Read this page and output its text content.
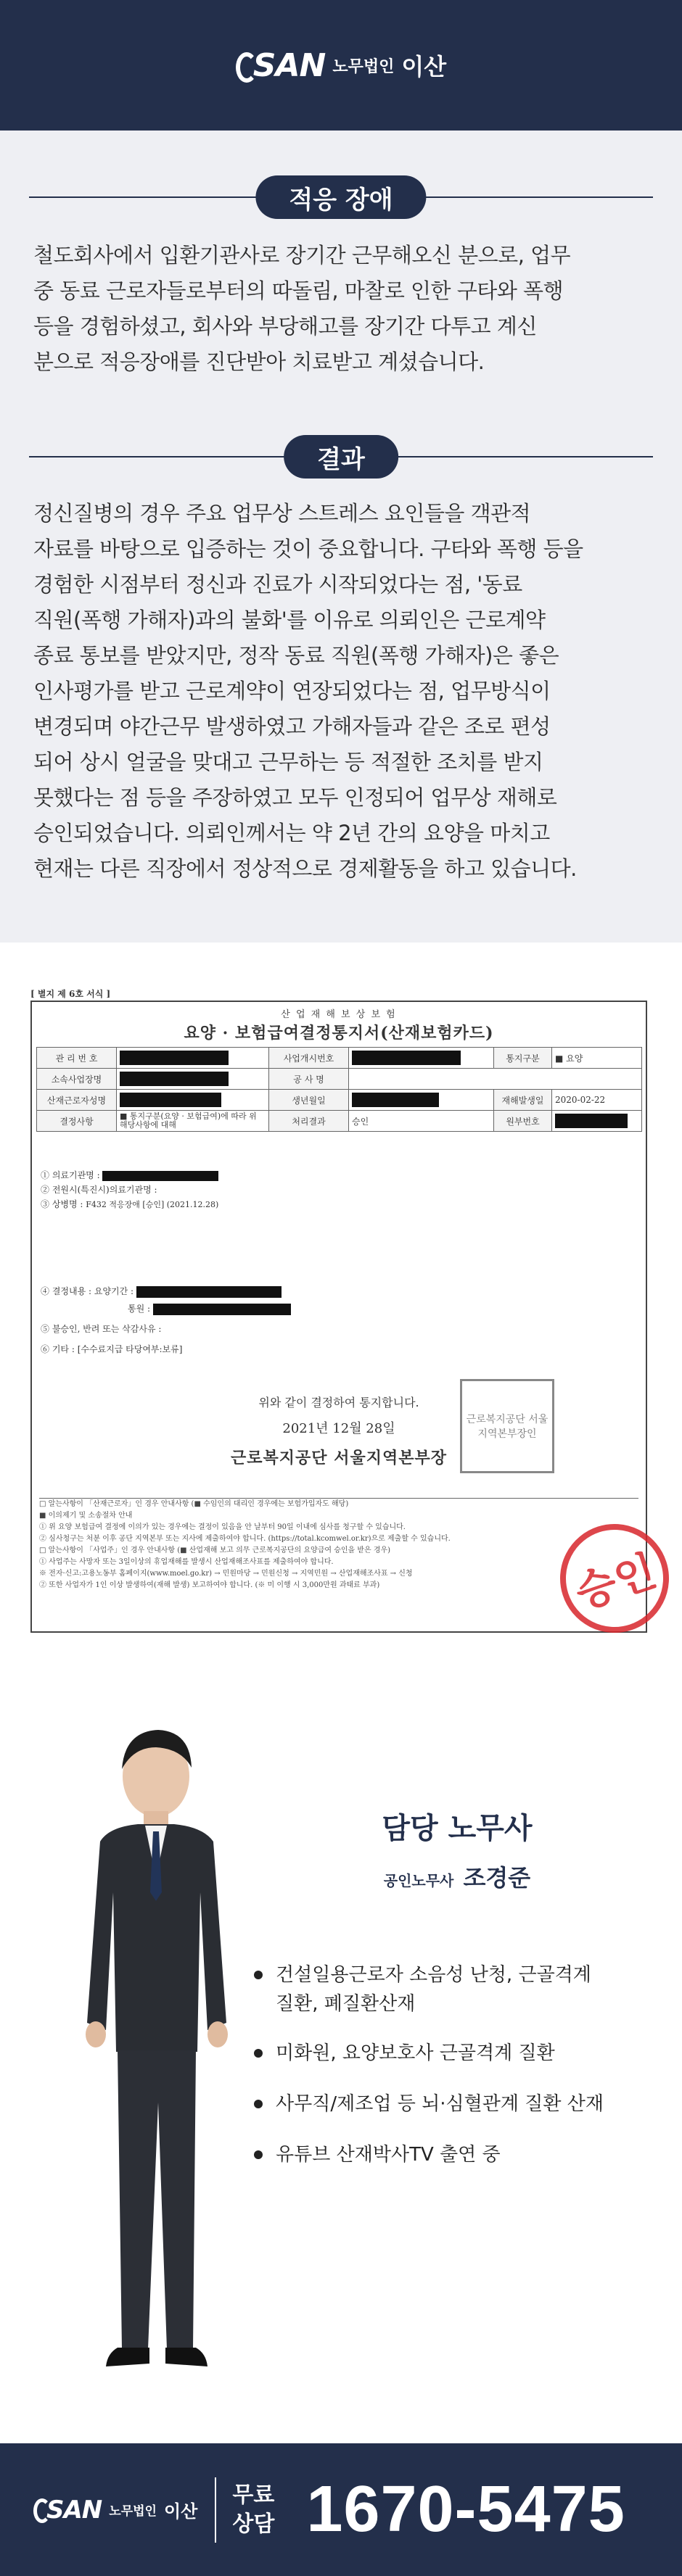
SAN 노무법인 이산
적응 장애
철도회사에서 입환기관사로 장기간 근무해오신 분으로, 업무
중 동료 근로자들로부터의 따돌림, 마찰로 인한 구타와 폭행
등을 경험하셨고, 회사와 부당해고를 장기간 다투고 계신
분으로 적응장애를 진단받아 치료받고 계셨습니다.
결과
정신질병의 경우 주요 업무상 스트레스 요인들을 객관적
자료를 바탕으로 입증하는 것이 중요합니다. 구타와 폭행 등을
경험한 시점부터 정신과 진료가 시작되었다는 점, '동료
직원(폭행 가해자)과의 불화'를 이유로 의뢰인은 근로계약
종료 통보를 받았지만, 정작 동료 직원(폭행 가해자)은 좋은
인사평가를 받고 근로계약이 연장되었다는 점, 업무방식이
변경되며 야간근무 발생하였고 가해자들과 같은 조로 편성
되어 상시 얼굴을 맞대고 근무하는 등 적절한 조치를 받지
못했다는 점 등을 주장하였고 모두 인정되어 업무상 재해로
승인되었습니다. 의뢰인께서는 약 2년 간의 요양을 마치고
현재는 다른 직장에서 정상적으로 경제활동을 하고 있습니다.
[ 별지 제 6호 서식 ]
산 업 재 해 보 상 보 험
요양 · 보험급여결정통지서(산재보험카드)
관 리 번 호		사업개시번호		통지구분	■ 요양
소속사업장명		공 사 명			
산재근로자성명		생년월일		재해발생일	2020-02-22
결정사항	■ 통지구분(요양 · 보험급여)에 따라 위 해당사항에 대해	처리결과	승인	원부번호	
① 의료기관명 :
② 전원시(특진시)의료기관명 :
③ 상병명 : F432 적응장애 [승인] (2021.12.28)
④ 결정내용 : 요양기간 :
통원 :
⑤ 불승인, 반려 또는 삭감사유 :
⑥ 기타 : [수수료지급 타당여부:보류]
위와 같이 결정하여 통지합니다.
2021년 12월 28일
근로복지공단 서울지역본부장
근로복지공단 서울지역본부장인
□ 알는사항이 「산재근로자」인 경우 안내사항 (■ 수임인의 대리인 경우에는 보험가입자도 해당)
■ 이의제기 및 소송절차 안내
① 위 요양 보험급여 결정에 이의가 있는 경우에는 결정이 있음을 안 날부터 90일 이내에 심사를 청구할 수 있습니다.
② 심사청구는 처분 이후 공단 지역본부 또는 지사에 제출하여야 합니다. (https://total.kcomwel.or.kr)으로 제출할 수 있습니다.
□ 알는사항이 「사업주」인 경우 안내사항 (■ 산업재해 보고 의무 근로복지공단의 요양급여 승인을 받은 경우)
① 사업주는 사망자 또는 3일이상의 휴업재해를 발생시 산업재해조사표를 제출하여야 합니다.
※ 전자·신고:고용노동부 홈페이지(www.moel.go.kr) → 민원마당 → 민원신청 → 지역민원 → 산업재해조사표 → 신청
② 또한 사업자가 1인 이상 발생하여(재해 발생) 보고하여야 합니다. (※ 미 이행 시 3,000만원 과태료 부과)	승인
담당 노무사
공인노무사 조경준
건설일용근로자 소음성 난청, 근골격계
질환, 폐질환산재
미화원, 요양보호사 근골격계 질환
사무직/제조업 등 뇌·심혈관계 질환 산재
유튜브 산재박사TV 출연 중
SAN 노무법인 이산
무료
상담 1670-5475
